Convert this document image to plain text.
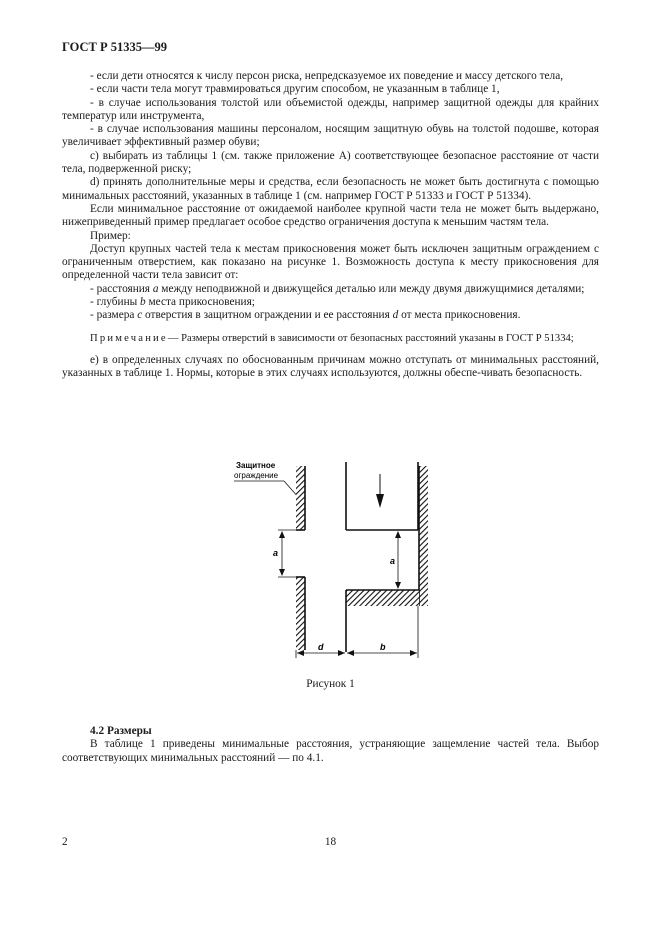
ГОСТ Р 51335—99

- если дети относятся к числу персон риска, непредсказуемое их поведение и массу детского тела,

- если части тела могут травмироваться другим способом, не указанным в таблице 1,

- в случае использования толстой или объемистой одежды, например защитной одежды для крайних температур или инструмента,

- в случае использования машины персоналом, носящим защитную обувь на толстой подошве, которая увеличивает эффективный размер обуви;

c) выбирать из таблицы 1 (см. также приложение А) соответствующее безопасное расстояние от части тела, подверженной риску;

d) принять дополнительные меры и средства, если безопасность не может быть достигнута с помощью минимальных расстояний, указанных в таблице 1 (см. например ГОСТ Р 51333 и ГОСТ Р 51334).

Если минимальное расстояние от ожидаемой наиболее крупной части тела не может быть выдержано, нижеприведенный пример предлагает особое средство ограничения доступа к меньшим частям тела.

Пример:

Доступ крупных частей тела к местам прикосновения может быть исключен защитным ограждением с ограниченным отверстием, как показано на рисунке 1. Возможность доступа к месту прикосновения для определенной части тела зависит от:

- расстояния a между неподвижной и движущейся деталью или между двумя движущимися деталями;

- глубины b места прикосновения;

- размера c отверстия в защитном ограждении и ее расстояния d от места прикосновения.

Примечание— Размеры отверстий в зависимости от безопасных расстояний указаны в ГОСТ Р 51334;

e) в определенных случаях по обоснованным причинам можно отступать от минимальных расстояний, указанных в таблице 1. Нормы, которые в этих случаях используются, должны обеспе-чивать безопасность.

Защитное
ограждение
a
a
d	b
Рисунок 1

4.2 Размеры

В таблице 1 приведены минимальные расстояния, устраняющие защемление частей тела. Выбор соответствующих минимальных расстояний — по 4.1.

2	18
